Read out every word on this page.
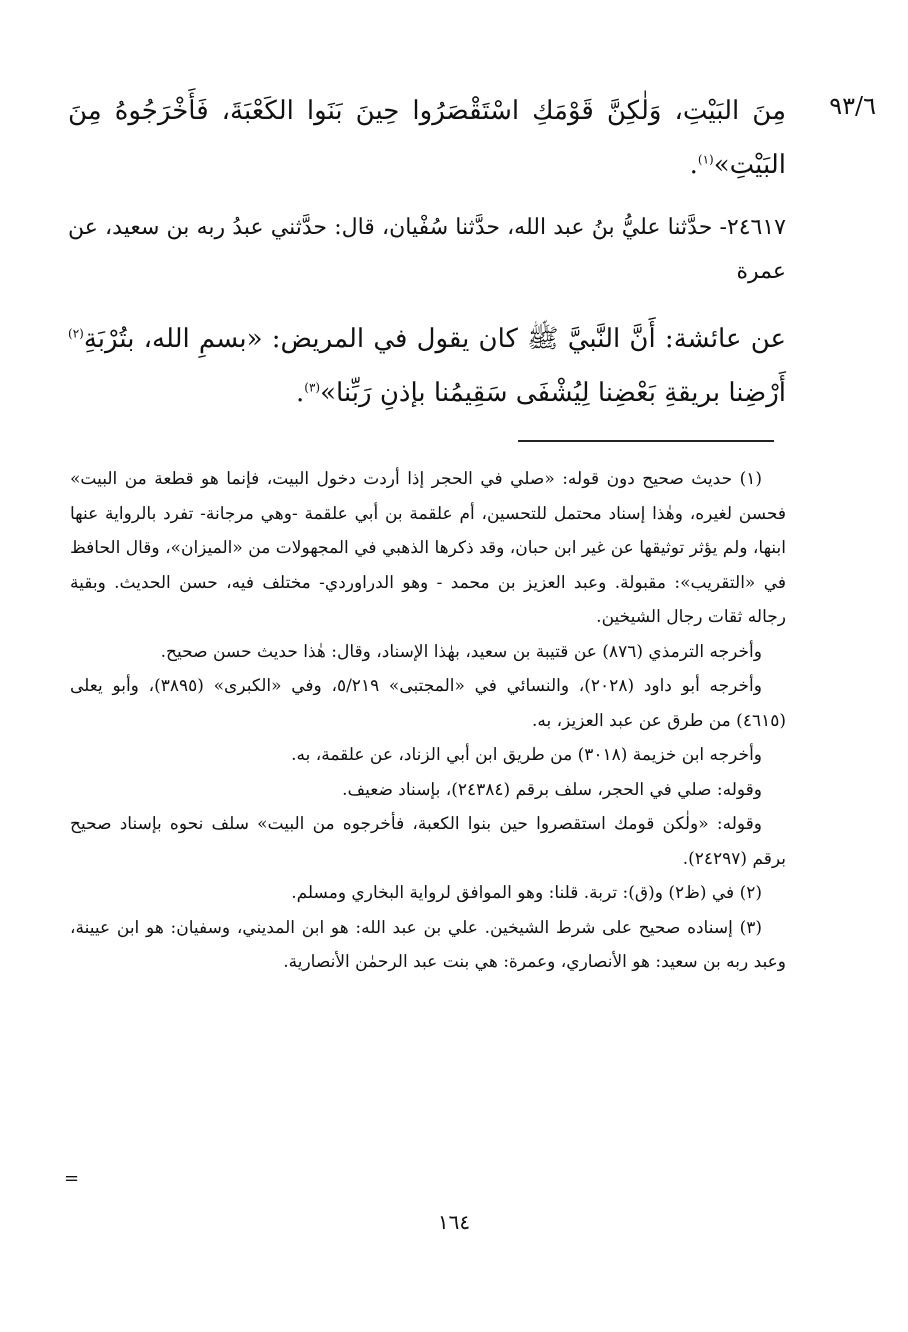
٩٣/٦

مِنَ البَيْتِ، وَلٰكِنَّ قَوْمَكِ اسْتَقْصَرُوا حِينَ بَنَوا الكَعْبَةَ، فَأَخْرَجُوهُ مِنَ البَيْتِ»$^{(١)}$.

٢٤٦١٧- حدَّثنا عليُّ بنُ عبد الله، حدَّثنا سُفْيان، قال: حدَّثني عبدُ ربه بن سعيد، عن عمرة

عن عائشة: أَنَّ النَّبيَّ ﷺ كان يقول في المريض: «بسمِ الله، بتُرْبَةِ$^{(٢)}$ أَرْضِنا بريقةِ بَعْضِنا لِيُشْفَى سَقِيمُنا بإذنِ رَبِّنا»$^{(٣)}$.

(١) حديث صحيح دون قوله: «صلي في الحجر إذا أردت دخول البيت، فإنما هو قطعة من البيت» فحسن لغيره، وهٰذا إسناد محتمل للتحسين، أم علقمة بن أبي علقمة -وهي مرجانة- تفرد بالرواية عنها ابنها، ولم يؤثر توثيقها عن غير ابن حبان، وقد ذكرها الذهبي في المجهولات من «الميزان»، وقال الحافظ في «التقريب»: مقبولة. وعبد العزيز بن محمد - وهو الدراوردي- مختلف فيه، حسن الحديث. وبقية رجاله ثقات رجال الشيخين.

وأخرجه الترمذي (٨٧٦) عن قتيبة بن سعيد، بهٰذا الإسناد، وقال: هٰذا حديث حسن صحيح.

وأخرجه أبو داود (٢٠٢٨)، والنسائي في «المجتبى» ٥/٢١٩، وفي «الكبرى» (٣٨٩٥)، وأبو يعلى (٤٦١٥) من طرق عن عبد العزيز، به.

وأخرجه ابن خزيمة (٣٠١٨) من طريق ابن أبي الزناد، عن علقمة، به.

وقوله: صلي في الحجر، سلف برقم (٢٤٣٨٤)، بإسناد ضعيف.

وقوله: «ولٰكن قومك استقصروا حين بنوا الكعبة، فأخرجوه من البيت» سلف نحوه بإسناد صحيح برقم (٢٤٢٩٧).

(٢) في (ظ٢) و(ق): تربة. قلنا: وهو الموافق لرواية البخاري ومسلم.

(٣) إسناده صحيح على شرط الشيخين. علي بن عبد الله: هو ابن المديني، وسفيان: هو ابن عيينة، وعبد ربه بن سعيد: هو الأنصاري، وعمرة: هي بنت عبد الرحمٰن الأنصارية.

=
١٦٤
